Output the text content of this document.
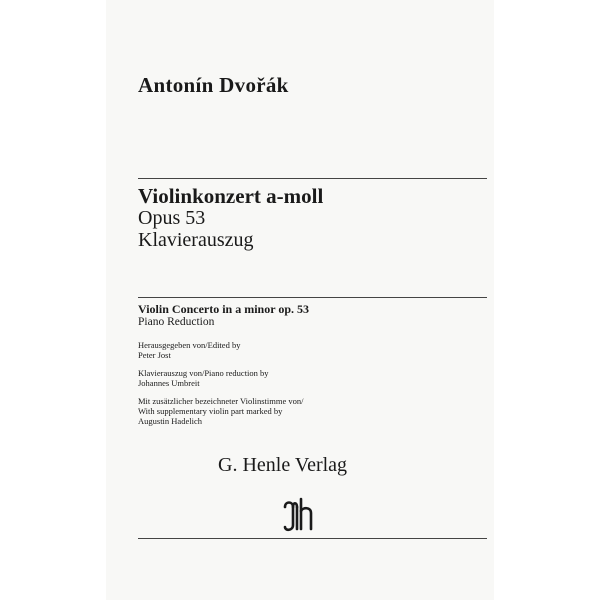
Antonín Dvořák
Violinkonzert a-moll
Opus 53
Klavierauszug
Violin Concerto in a minor op. 53
Piano Reduction
Herausgegeben von/Edited by
Peter Jost
Klavierauszug von/Piano reduction by
Johannes Umbreit
Mit zusätzlicher bezeichneter Violinstimme von/
With supplementary violin part marked by
Augustin Hadelich
G. Henle Verlag
